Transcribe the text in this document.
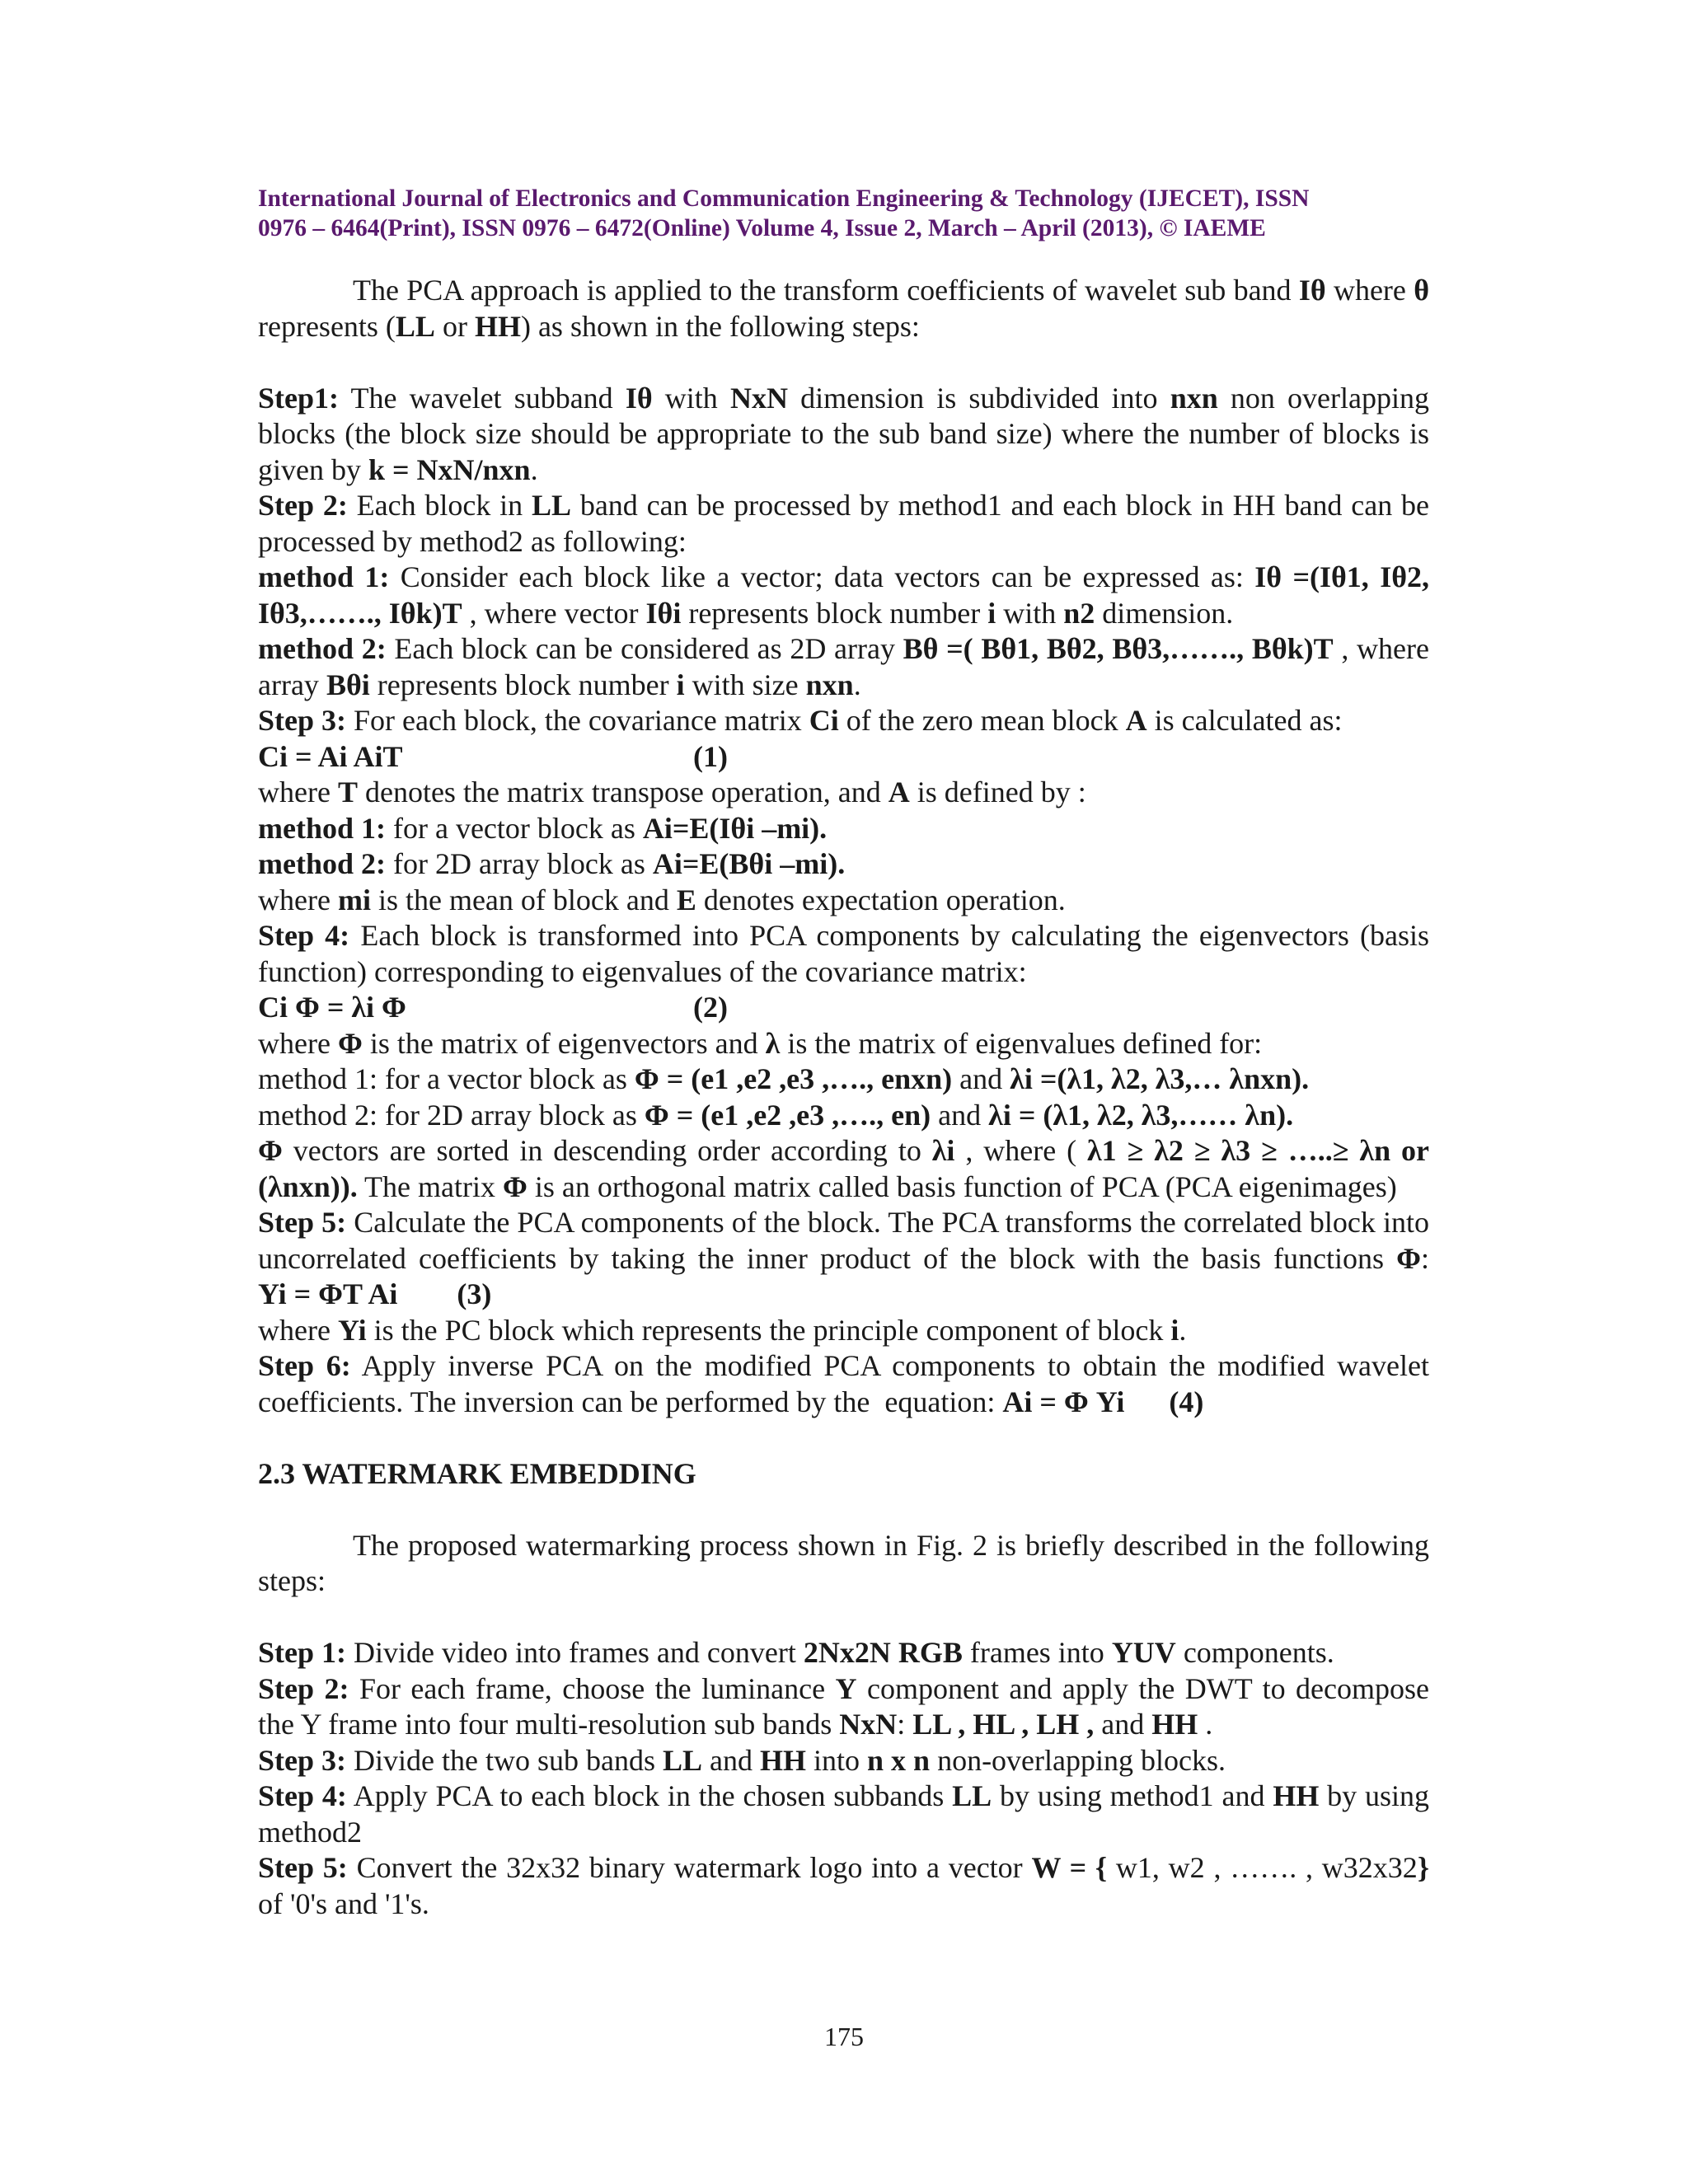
International Journal of Electronics and Communication Engineering & Technology (IJECET), ISSN
0976 – 6464(Print), ISSN 0976 – 6472(Online) Volume 4, Issue 2, March – April (2013), © IAEME

The PCA approach is applied to the transform coefficients of wavelet sub band Iθ where θ represents (LL or HH) as shown in the following steps:

Step1: The wavelet subband Iθ with NxN dimension is subdivided into nxn non overlapping blocks (the block size should be appropriate to the sub band size) where the number of blocks is given by k = NxN/nxn.

Step 2: Each block in LL band can be processed by method1 and each block in HH band can be processed by method2 as following:

method 1: Consider each block like a vector; data vectors can be expressed as: Iθ =(Iθ1, Iθ2, Iθ3,……., Iθk)T , where vector Iθi represents block number i with n2 dimension.

method 2: Each block can be considered as 2D array Bθ =( Bθ1, Bθ2, Bθ3,……., Bθk)T , where array Bθi represents block number i with size nxn.

Step 3: For each block, the covariance matrix Ci of the zero mean block A is calculated as:

Ci = Ai AiT	(1)

where T denotes the matrix transpose operation, and A is defined by :

method 1: for a vector block as Ai=E(Iθi –mi).

method 2: for 2D array block as Ai=E(Bθi –mi).

where mi is the mean of block and E denotes expectation operation.

Step 4: Each block is transformed into PCA components by calculating the eigenvectors (basis function) corresponding to eigenvalues of the covariance matrix:

Ci Φ = λi Φ	(2)

where Φ is the matrix of eigenvectors and λ is the matrix of eigenvalues defined for:

method 1: for a vector block as Φ = (e1 ,e2 ,e3 ,…., enxn) and λi =(λ1, λ2, λ3,… λnxn).

method 2: for 2D array block as Φ = (e1 ,e2 ,e3 ,…., en) and λi = (λ1, λ2, λ3,…… λn).

Φ vectors are sorted in descending order according to λi , where ( λ1 ≥ λ2 ≥ λ3 ≥ …..≥ λn or (λnxn)). The matrix Φ is an orthogonal matrix called basis function of PCA (PCA eigenimages)

Step 5: Calculate the PCA components of the block. The PCA transforms the correlated block into uncorrelated coefficients by taking the inner product of the block with the basis functions Φ:      Yi = ΦT Ai (3)

where Yi is the PC block which represents the principle component of block i.

Step 6: Apply inverse PCA on the modified PCA components to obtain the modified wavelet coefficients. The inversion can be performed by the  equation: Ai = Φ Yi (4)

2.3 WATERMARK EMBEDDING

The proposed watermarking process shown in Fig. 2 is briefly described in the following steps:

Step 1: Divide video into frames and convert 2Nx2N RGB frames into YUV components.

Step 2: For each frame, choose the luminance Y component and apply the DWT to decompose the Y frame into four multi-resolution sub bands NxN: LL , HL , LH , and HH .

Step 3: Divide the two sub bands LL and HH into n x n non-overlapping blocks.

Step 4: Apply PCA to each block in the chosen subbands LL by using method1 and HH by using method2

Step 5: Convert the 32x32 binary watermark logo into a vector W = { w1, w2 , ……. , w32x32} of '0's and '1's.

175
